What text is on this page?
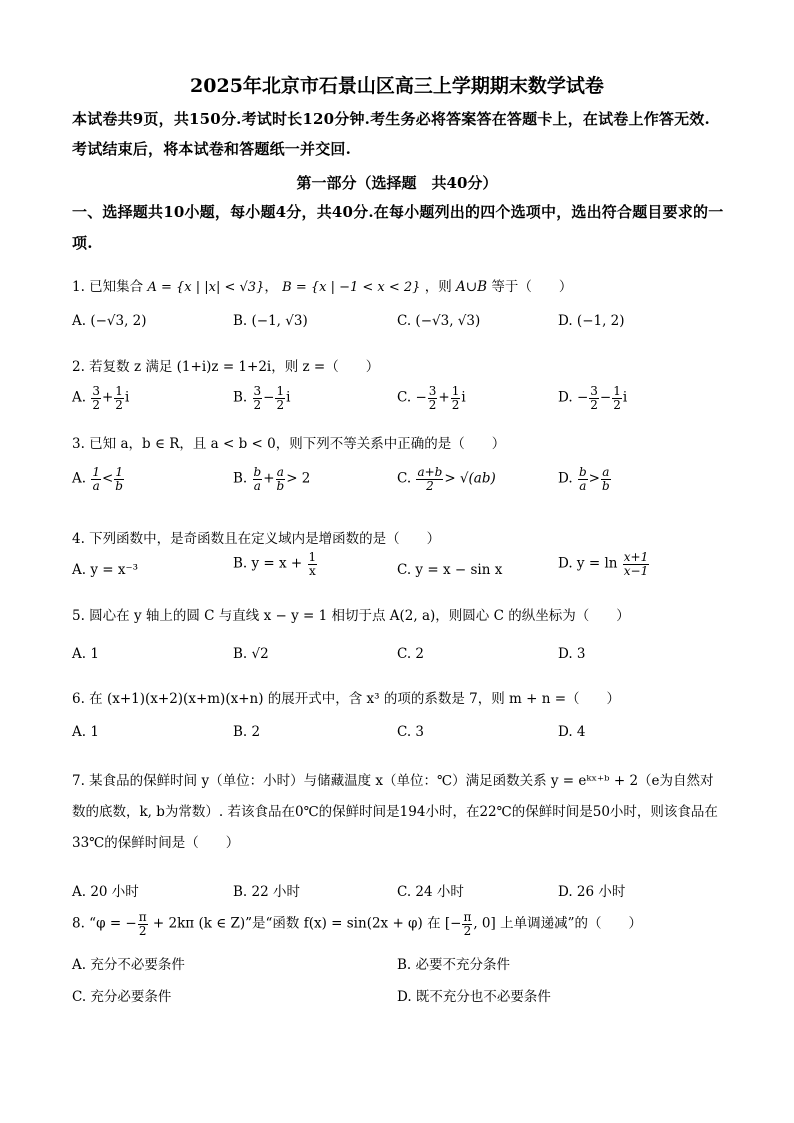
2025年北京市石景山区高三上学期期末数学试卷
本试卷共9页，共150分.考试时长120分钟.考生务必将答案答在答题卡上，在试卷上作答无效.考试结束后，将本试卷和答题纸一并交回.
第一部分（选择题　共40分）
一、选择题共10小题，每小题4分，共40分.在每小题列出的四个选项中，选出符合题目要求的一项.
1. 已知集合 A = {x | |x| < √3}， B = {x | −1 < x < 2} ，则 A∪B 等于（　　）
A. (−√3, 2)	B. (−1, √3)	C. (−√3, √3)	D. (−1, 2)
2. 若复数 z 满足 (1+i)z = 1+2i，则 z =（　　）
A. $\frac{3}{2} + \frac{1}{2}$ i	B. $\frac{3}{2} - \frac{1}{2}$ i	C. − $\frac{3}{2} + \frac{1}{2}$ i	D. − $\frac{3}{2} - \frac{1}{2}$ i
3. 已知 a，b ∈ R，且 a < b < 0，则下列不等关系中正确的是（　　）
A. $\frac{1}{a} < \frac{1}{b}$	B. $\frac{b}{a} + \frac{a}{b} > 2$	C. $\frac{a+b}{2} > √(ab)$	D. $\frac{b}{a} > \frac{a}{b}$
4. 下列函数中，是奇函数且在定义域内是增函数的是（　　）
A. y = x⁻³	B. $y = x + \frac{1}{x}$	C. y = x − sin x	D. $y = \ln \frac{x+1}{x-1}$
5. 圆心在 y 轴上的圆 C 与直线 x − y = 1 相切于点 A(2, a)，则圆心 C 的纵坐标为（　　）
A. 1	B. √2	C. 2	D. 3
6. 在 (x+1)(x+2)(x+m)(x+n) 的展开式中，含 x³ 的项的系数是 7，则 m + n =（　　）
A. 1	B. 2	C. 3	D. 4
7. 某食品的保鲜时间 y（单位：小时）与储藏温度 x（单位：℃）满足函数关系 y = eᵏˣ⁺ᵇ + 2（e为自然对数的底数，k, b为常数）. 若该食品在0℃的保鲜时间是194小时，在22℃的保鲜时间是50小时，则该食品在33℃的保鲜时间是（　　）
A. 20 小时	B. 22 小时	C. 24 小时	D. 26 小时
8. “φ = − $\frac{\pi}{2} + 2k\pi$ (k ∈ Z)”是“函数 f(x) = sin(2x + φ) 在 [− $\frac{\pi}{2}$ , 0] 上单调递减”的（　　）
A. 充分不必要条件	B. 必要不充分条件
C. 充分必要条件	D. 既不充分也不必要条件
